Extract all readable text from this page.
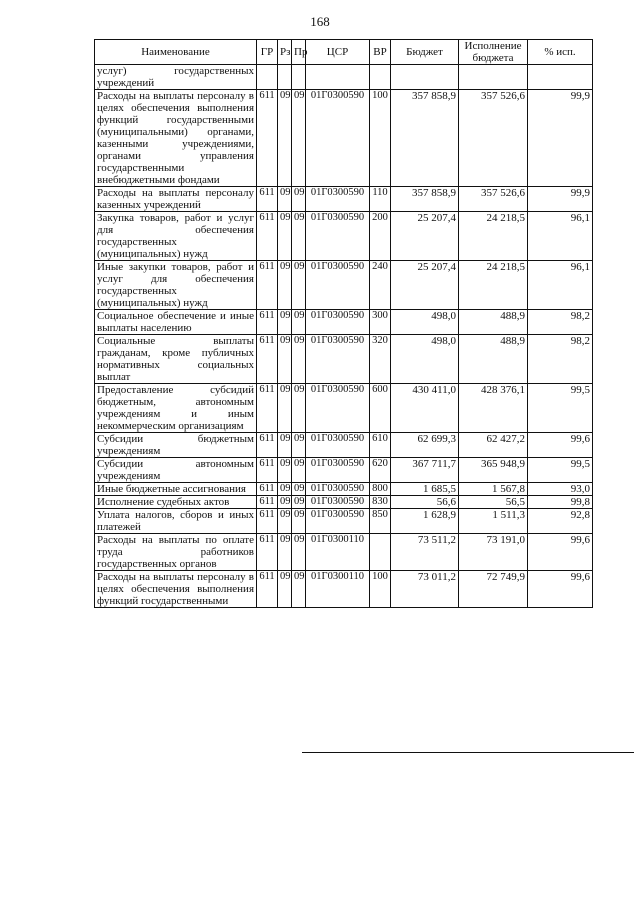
168
Наименование	ГР	Рз	Пр	ЦСР	ВР	Бюджет	Исполнение бюджета	% исп.
услуг) государственных учреждений								
Расходы на выплаты персоналу в целях обеспечения выполнения функций государственными (муниципальными) органами, казенными учреждениями, органами управления государственными внебюджетными фондами	611	09	09	01Г0300590	100	357 858,9	357 526,6	99,9
Расходы на выплаты персоналу казенных учреждений	611	09	09	01Г0300590	110	357 858,9	357 526,6	99,9
Закупка товаров, работ и услуг для обеспечения государственных (муниципальных) нужд	611	09	09	01Г0300590	200	25 207,4	24 218,5	96,1
Иные закупки товаров, работ и услуг для обеспечения государственных (муниципальных) нужд	611	09	09	01Г0300590	240	25 207,4	24 218,5	96,1
Социальное обеспечение и иные выплаты населению	611	09	09	01Г0300590	300	498,0	488,9	98,2
Социальные выплаты гражданам, кроме публичных нормативных социальных выплат	611	09	09	01Г0300590	320	498,0	488,9	98,2
Предоставление субсидий бюджетным, автономным учреждениям и иным некоммерческим организациям	611	09	09	01Г0300590	600	430 411,0	428 376,1	99,5
Субсидии бюджетным учреждениям	611	09	09	01Г0300590	610	62 699,3	62 427,2	99,6
Субсидии автономным учреждениям	611	09	09	01Г0300590	620	367 711,7	365 948,9	99,5
Иные бюджетные ассигнования	611	09	09	01Г0300590	800	1 685,5	1 567,8	93,0
Исполнение судебных актов	611	09	09	01Г0300590	830	56,6	56,5	99,8
Уплата налогов, сборов и иных платежей	611	09	09	01Г0300590	850	1 628,9	1 511,3	92,8
Расходы на выплаты по оплате труда работников государственных органов	611	09	09	01Г0300110		73 511,2	73 191,0	99,6
Расходы на выплаты персоналу в целях обеспечения выполнения функций государственными	611	09	09	01Г0300110	100	73 011,2	72 749,9	99,6
